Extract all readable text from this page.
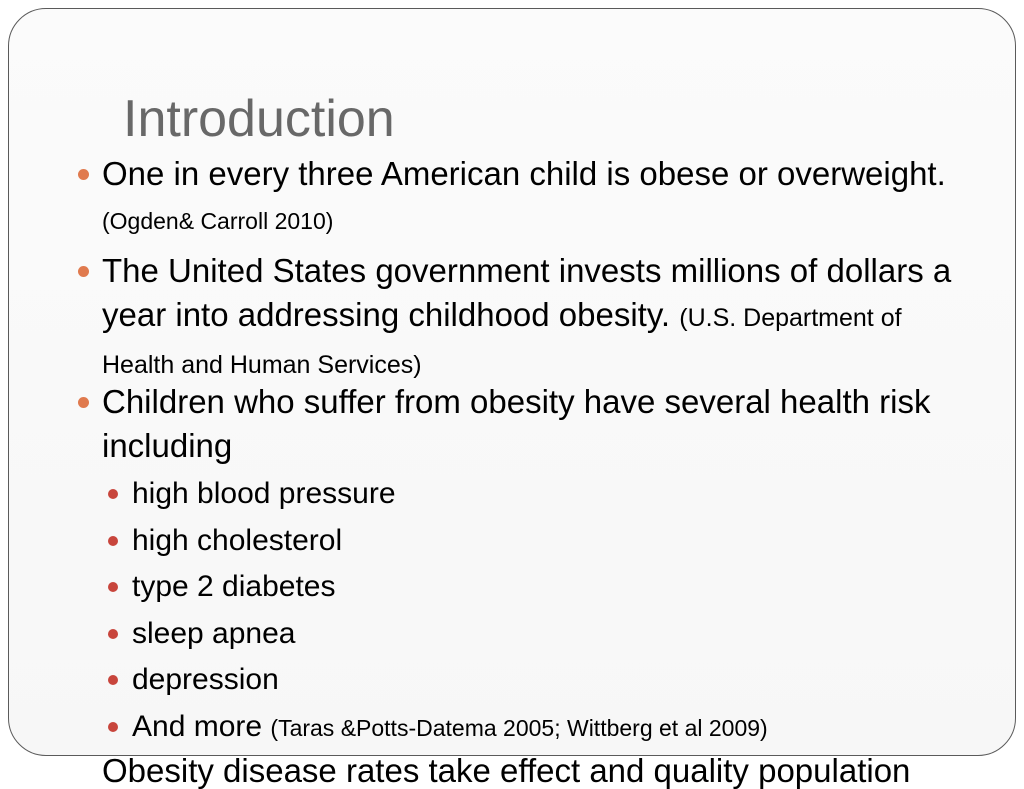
Introduction
One in every three American child is obese or overweight.(Ogden& Carroll 2010)
The United States government invests millions of dollars a year into addressing childhood obesity. (U.S. Department of Health and Human Services)
Children who suffer from obesity have several health risk including
high blood pressure
high cholesterol
type 2 diabetes
sleep apnea
depression
And more (Taras &Potts-Datema 2005; Wittberg et al 2009)
Obesity disease rates take effect and quality population
